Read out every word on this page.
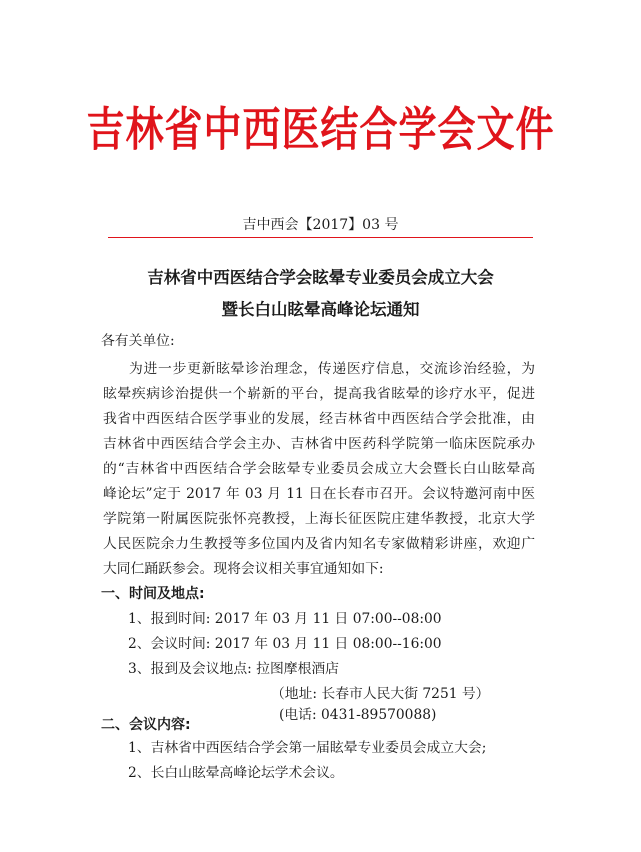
吉林省中西医结合学会文件
吉中西会【2017】03 号
吉林省中西医结合学会眩晕专业委员会成立大会
暨长白山眩晕高峰论坛通知
各有关单位:
为进一步更新眩晕诊治理念，传递医疗信息，交流诊治经验，为
眩晕疾病诊治提供一个崭新的平台，提高我省眩晕的诊疗水平，促进
我省中西医结合医学事业的发展，经吉林省中西医结合学会批准，由
吉林省中西医结合学会主办、吉林省中医药科学院第一临床医院承办
的“吉林省中西医结合学会眩晕专业委员会成立大会暨长白山眩晕高
峰论坛”定于 2017 年 03 月 11 日在长春市召开。会议特邀河南中医
学院第一附属医院张怀亮教授，上海长征医院庄建华教授，北京大学
人民医院余力生教授等多位国内及省内知名专家做精彩讲座，欢迎广
大同仁踊跃参会。现将会议相关事宜通知如下:
一、时间及地点:
1、报到时间: 2017 年 03 月 11 日 07:00--08:00
2、会议时间: 2017 年 03 月 11 日 08:00--16:00
3、报到及会议地点: 拉图摩根酒店
（地址: 长春市人民大街 7251 号）
(电话: 0431-89570088)
二、会议内容:
1、吉林省中西医结合学会第一届眩晕专业委员会成立大会;
2、长白山眩晕高峰论坛学术会议。
